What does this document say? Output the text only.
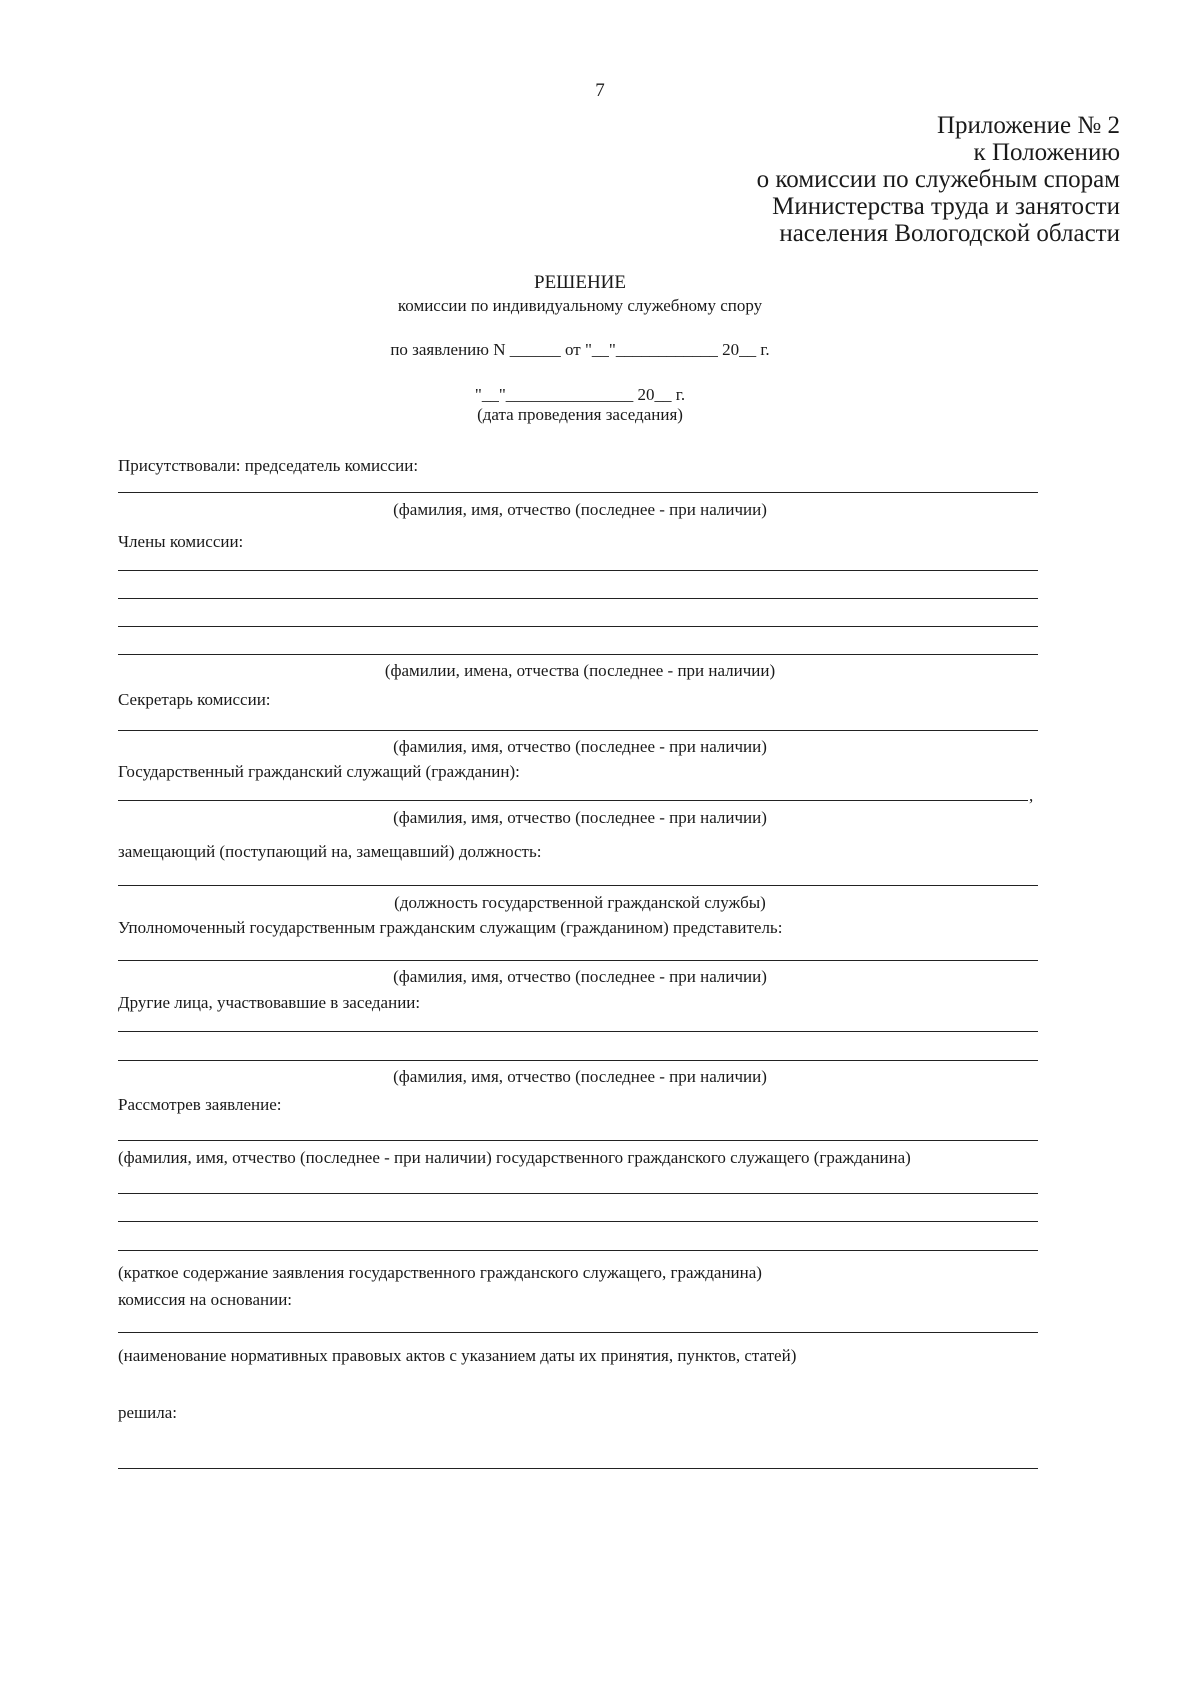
7
Приложение № 2
к Положению
о комиссии по служебным спорам
Министерства труда и занятости
населения Вологодской области
РЕШЕНИЕ
комиссии по индивидуальному служебному спору
по заявлению N ______ от "__"____________ 20__ г.
"__"_______________ 20__ г.
(дата проведения заседания)
Присутствовали: председатель комиссии:
(фамилия, имя, отчество (последнее - при наличии)
Члены комиссии:
(фамилии, имена, отчества (последнее - при наличии)
Секретарь комиссии:
(фамилия, имя, отчество (последнее - при наличии)
Государственный гражданский служащий (гражданин):
,
(фамилия, имя, отчество (последнее - при наличии)
замещающий (поступающий на, замещавший) должность:
(должность государственной гражданской службы)
Уполномоченный государственным гражданским служащим (гражданином) представитель:
(фамилия, имя, отчество (последнее - при наличии)
Другие лица, участвовавшие в заседании:
(фамилия, имя, отчество (последнее - при наличии)
Рассмотрев заявление:
(фамилия, имя, отчество (последнее - при наличии) государственного гражданского служащего (гражданина)
(краткое содержание заявления государственного гражданского служащего, гражданина)
комиссия на основании:
(наименование нормативных правовых актов с указанием даты их принятия, пунктов, статей)
решила:
